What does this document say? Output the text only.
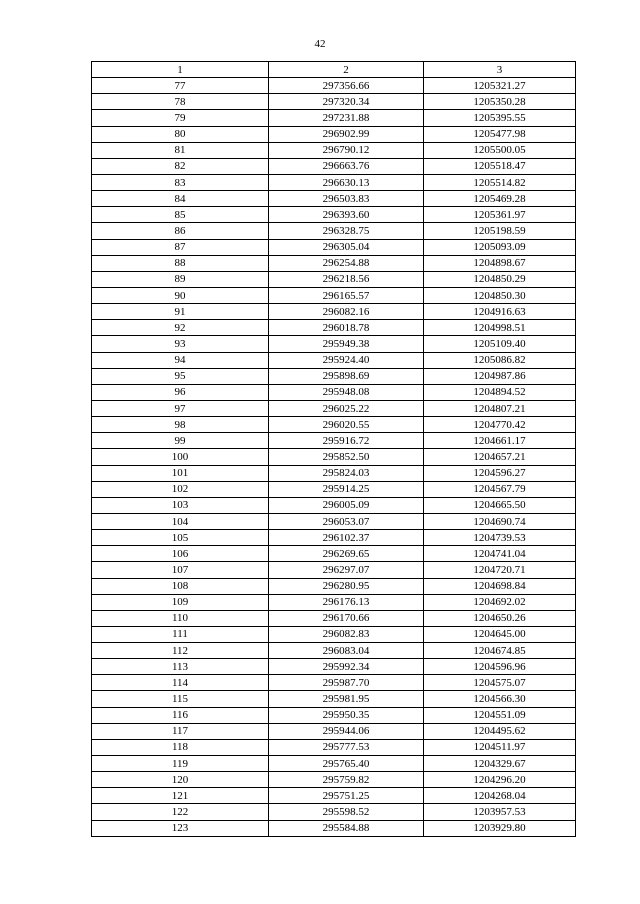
42
1	2	3
77	297356.66	1205321.27
78	297320.34	1205350.28
79	297231.88	1205395.55
80	296902.99	1205477.98
81	296790.12	1205500.05
82	296663.76	1205518.47
83	296630.13	1205514.82
84	296503.83	1205469.28
85	296393.60	1205361.97
86	296328.75	1205198.59
87	296305.04	1205093.09
88	296254.88	1204898.67
89	296218.56	1204850.29
90	296165.57	1204850.30
91	296082.16	1204916.63
92	296018.78	1204998.51
93	295949.38	1205109.40
94	295924.40	1205086.82
95	295898.69	1204987.86
96	295948.08	1204894.52
97	296025.22	1204807.21
98	296020.55	1204770.42
99	295916.72	1204661.17
100	295852.50	1204657.21
101	295824.03	1204596.27
102	295914.25	1204567.79
103	296005.09	1204665.50
104	296053.07	1204690.74
105	296102.37	1204739.53
106	296269.65	1204741.04
107	296297.07	1204720.71
108	296280.95	1204698.84
109	296176.13	1204692.02
110	296170.66	1204650.26
111	296082.83	1204645.00
112	296083.04	1204674.85
113	295992.34	1204596.96
114	295987.70	1204575.07
115	295981.95	1204566.30
116	295950.35	1204551.09
117	295944.06	1204495.62
118	295777.53	1204511.97
119	295765.40	1204329.67
120	295759.82	1204296.20
121	295751.25	1204268.04
122	295598.52	1203957.53
123	295584.88	1203929.80
